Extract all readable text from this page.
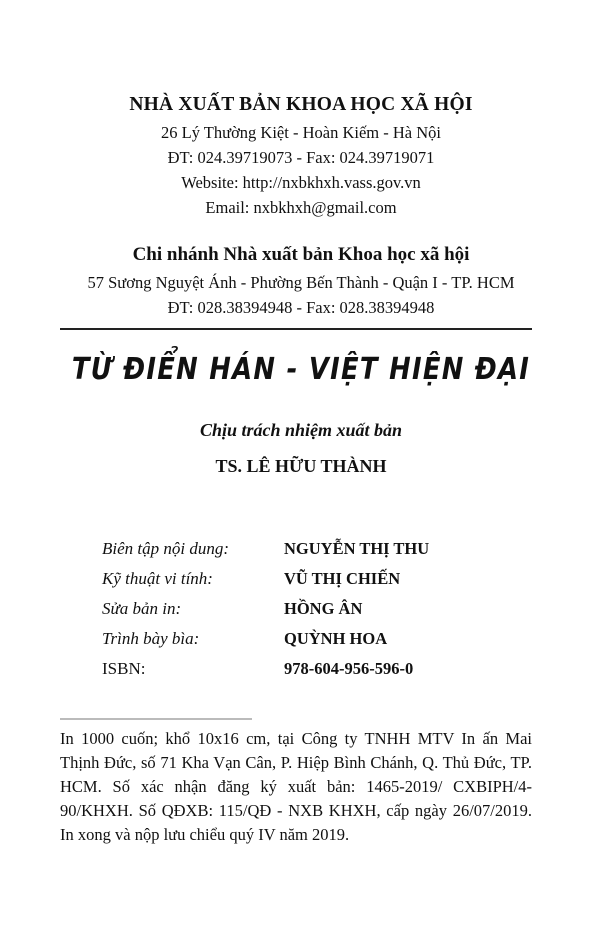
NHÀ XUẤT BẢN KHOA HỌC XÃ HỘI
26 Lý Thường Kiệt - Hoàn Kiếm - Hà Nội
ĐT: 024.39719073 - Fax: 024.39719071
Website: http://nxbkhxh.vass.gov.vn
Email: nxbkhxh@gmail.com
Chi nhánh Nhà xuất bản Khoa học xã hội
57 Sương Nguyệt Ánh - Phường Bến Thành - Quận I - TP. HCM
ĐT: 028.38394948 - Fax: 028.38394948
TỪ ĐIỂN HÁN - VIỆT HIỆN ĐẠI
Chịu trách nhiệm xuất bản
TS. LÊ HỮU THÀNH
Biên tập nội dung:	NGUYỄN THỊ THU
Kỹ thuật vi tính:	VŨ THỊ CHIẾN
Sửa bản in:	HỒNG ÂN
Trình bày bìa:	QUỲNH HOA
ISBN:	978-604-956-596-0
In 1000 cuốn; khổ 10x16 cm, tại Công ty TNHH MTV In ấn Mai Thịnh Đức, số 71 Kha Vạn Cân, P. Hiệp Bình Chánh, Q. Thủ Đức, TP. HCM. Số xác nhận đăng ký xuất bản: 1465-2019/ CXBIPH/4-90/KHXH. Số QĐXB: 115/QĐ - NXB KHXH, cấp ngày 26/07/2019. In xong và nộp lưu chiểu quý IV năm 2019.
